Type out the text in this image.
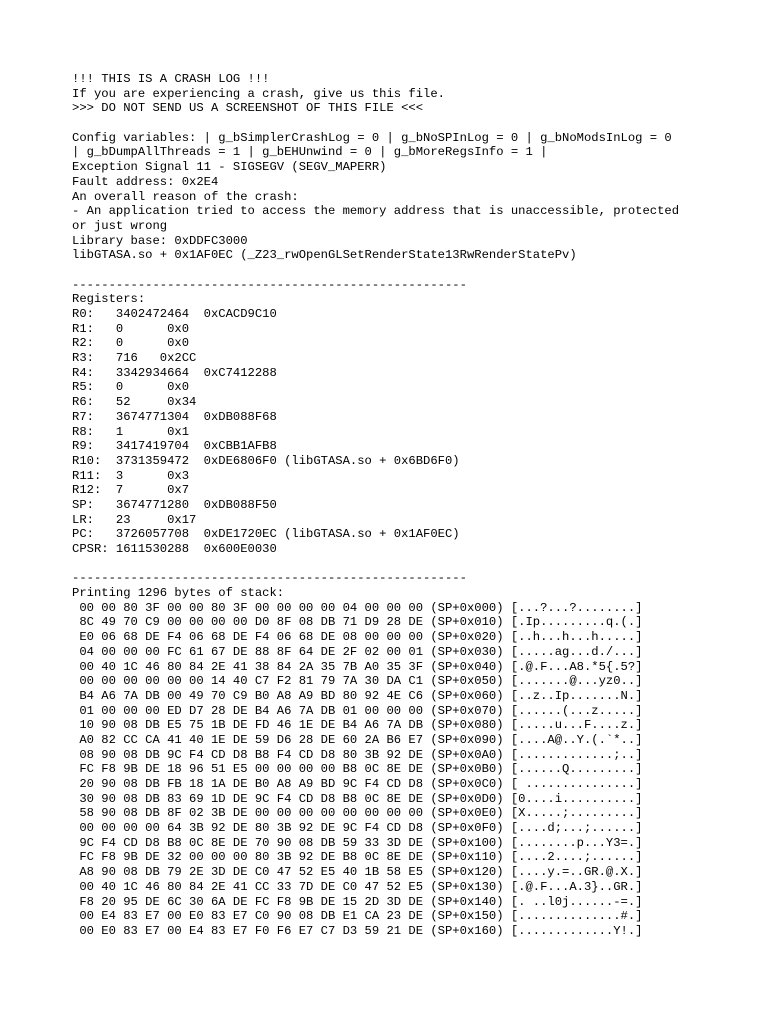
!!! THIS IS A CRASH LOG !!!
If you are experiencing a crash, give us this file.
>>> DO NOT SEND US A SCREENSHOT OF THIS FILE <<<
Config variables: | g_bSimplerCrashLog = 0 | g_bNoSPInLog = 0 | g_bNoModsInLog = 0
| g_bDumpAllThreads = 1 | g_bEHUnwind = 0 | g_bMoreRegsInfo = 1 |
Exception Signal 11 - SIGSEGV (SEGV_MAPERR)
Fault address: 0x2E4
An overall reason of the crash:
- An application tried to access the memory address that is unaccessible, protected
or just wrong
Library base: 0xDDFC3000
libGTASA.so + 0x1AF0EC (_Z23_rwOpenGLSetRenderState13RwRenderStatePv)
------------------------------------------------------
Registers:
R0:   3402472464  0xCACD9C10
R1:   0      0x0
R2:   0      0x0
R3:   716   0x2CC
R4:   3342934664  0xC7412288
R5:   0      0x0
R6:   52     0x34
R7:   3674771304  0xDB088F68
R8:   1      0x1
R9:   3417419704  0xCBB1AFB8
R10:  3731359472  0xDE6806F0 (libGTASA.so + 0x6BD6F0)
R11:  3      0x3
R12:  7      0x7
SP:   3674771280  0xDB088F50
LR:   23     0x17
PC:   3726057708  0xDE1720EC (libGTASA.so + 0x1AF0EC)
CPSR: 1611530288  0x600E0030
------------------------------------------------------
Printing 1296 bytes of stack:
00 00 80 3F 00 00 80 3F 00 00 00 00 04 00 00 00 (SP+0x000) [...?...?........]
8C 49 70 C9 00 00 00 00 D0 8F 08 DB 71 D9 28 DE (SP+0x010) [.Ip.........q.(.]
E0 06 68 DE F4 06 68 DE F4 06 68 DE 08 00 00 00 (SP+0x020) [..h...h...h.....]
04 00 00 00 FC 61 67 DE 88 8F 64 DE 2F 02 00 01 (SP+0x030) [.....ag...d./...]
00 40 1C 46 80 84 2E 41 38 84 2A 35 7B A0 35 3F (SP+0x040) [.@.F...A8.*5{.5?]
00 00 00 00 00 00 14 40 C7 F2 81 79 7A 30 DA C1 (SP+0x050) [.......@...yz0..]
B4 A6 7A DB 00 49 70 C9 B0 A8 A9 BD 80 92 4E C6 (SP+0x060) [..z..Ip.......N.]
01 00 00 00 ED D7 28 DE B4 A6 7A DB 01 00 00 00 (SP+0x070) [......(...z.....]
10 90 08 DB E5 75 1B DE FD 46 1E DE B4 A6 7A DB (SP+0x080) [.....u...F....z.]
A0 82 CC CA 41 40 1E DE 59 D6 28 DE 60 2A B6 E7 (SP+0x090) [....A@..Y.(.`*..]
08 90 08 DB 9C F4 CD D8 B8 F4 CD D8 80 3B 92 DE (SP+0x0A0) [.............;..]
FC F8 9B DE 18 96 51 E5 00 00 00 00 B8 0C 8E DE (SP+0x0B0) [......Q.........]
20 90 08 DB FB 18 1A DE B0 A8 A9 BD 9C F4 CD D8 (SP+0x0C0) [ ...............]
30 90 08 DB 83 69 1D DE 9C F4 CD D8 B8 0C 8E DE (SP+0x0D0) [0....i..........]
58 90 08 DB 8F 02 3B DE 00 00 00 00 00 00 00 00 (SP+0x0E0) [X.....;.........]
00 00 00 00 64 3B 92 DE 80 3B 92 DE 9C F4 CD D8 (SP+0x0F0) [....d;...;......]
9C F4 CD D8 B8 0C 8E DE 70 90 08 DB 59 33 3D DE (SP+0x100) [........p...Y3=.]
FC F8 9B DE 32 00 00 00 80 3B 92 DE B8 0C 8E DE (SP+0x110) [....2....;......]
A8 90 08 DB 79 2E 3D DE C0 47 52 E5 40 1B 58 E5 (SP+0x120) [....y.=..GR.@.X.]
00 40 1C 46 80 84 2E 41 CC 33 7D DE C0 47 52 E5 (SP+0x130) [.@.F...A.3}..GR.]
F8 20 95 DE 6C 30 6A DE FC F8 9B DE 15 2D 3D DE (SP+0x140) [. ..l0j......-=.]
00 E4 83 E7 00 E0 83 E7 C0 90 08 DB E1 CA 23 DE (SP+0x150) [..............#.]
00 E0 83 E7 00 E4 83 E7 F0 F6 E7 C7 D3 59 21 DE (SP+0x160) [.............Y!.]
